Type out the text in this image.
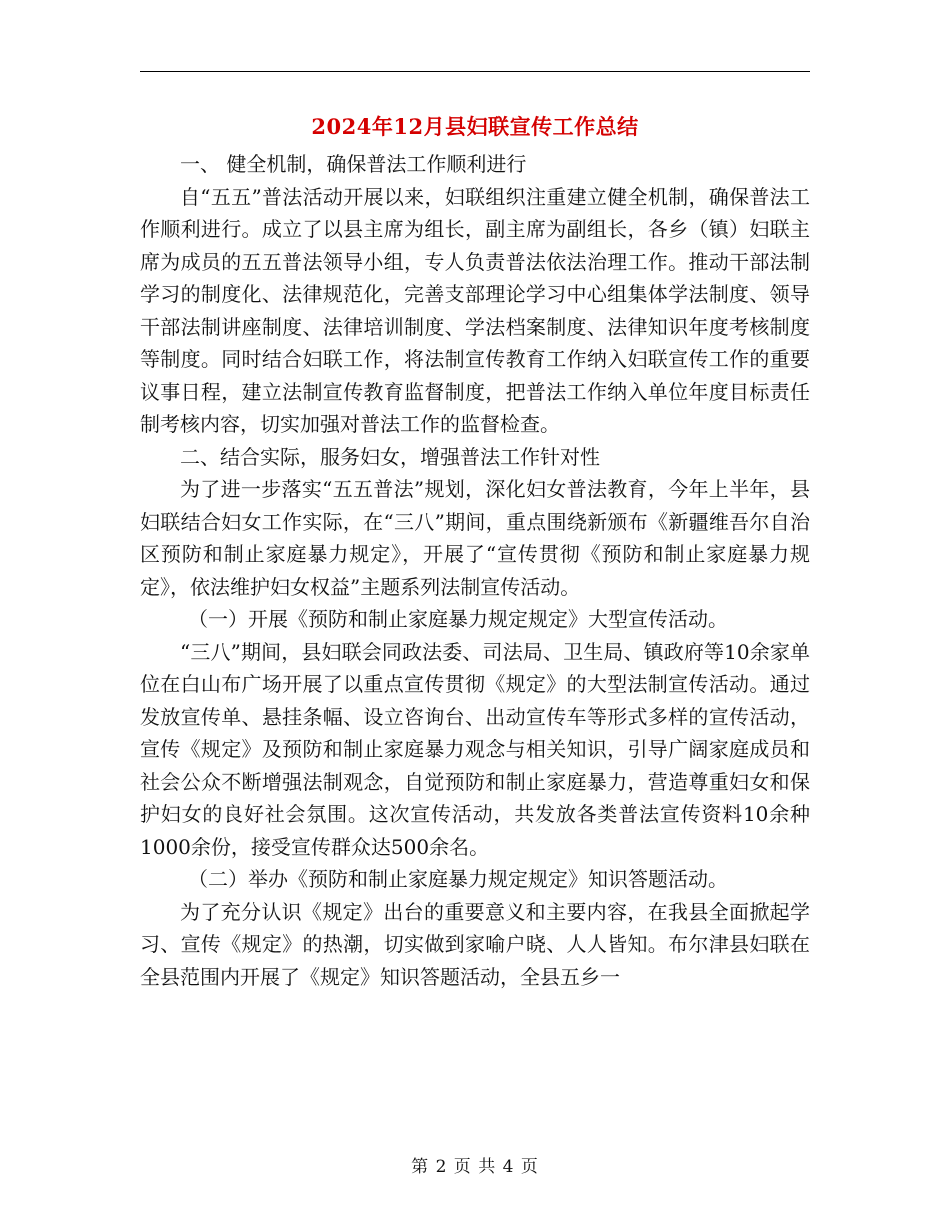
2024年12月县妇联宣传工作总结

一、 健全机制，确保普法工作顺利进行

自“五五”普法活动开展以来，妇联组织注重建立健全机制，确保普法工作顺利进行。成立了以县主席为组长，副主席为副组长，各乡（镇）妇联主席为成员的五五普法领导小组，专人负责普法依法治理工作。推动干部法制学习的制度化、法律规范化，完善支部理论学习中心组集体学法制度、领导干部法制讲座制度、法律培训制度、学法档案制度、法律知识年度考核制度等制度。同时结合妇联工作，将法制宣传教育工作纳入妇联宣传工作的重要议事日程，建立法制宣传教育监督制度，把普法工作纳入单位年度目标责任制考核内容，切实加强对普法工作的监督检查。

二、结合实际，服务妇女，增强普法工作针对性

为了进一步落实“五五普法”规划，深化妇女普法教育，今年上半年，县妇联结合妇女工作实际，在“三八”期间，重点围绕新颁布《新疆维吾尔自治区预防和制止家庭暴力规定》，开展了“宣传贯彻《预防和制止家庭暴力规定》，依法维护妇女权益”主题系列法制宣传活动。

（一）开展《预防和制止家庭暴力规定规定》大型宣传活动。

“三八”期间，县妇联会同政法委、司法局、卫生局、镇政府等10余家单位在白山布广场开展了以重点宣传贯彻《规定》的大型法制宣传活动。通过发放宣传单、悬挂条幅、设立咨询台、出动宣传车等形式多样的宣传活动，宣传《规定》及预防和制止家庭暴力观念与相关知识，引导广阔家庭成员和社会公众不断增强法制观念，自觉预防和制止家庭暴力，营造尊重妇女和保护妇女的良好社会氛围。这次宣传活动，共发放各类普法宣传资料10余种1000余份，接受宣传群众达500余名。

（二）举办《预防和制止家庭暴力规定规定》知识答题活动。

为了充分认识《规定》出台的重要意义和主要内容，在我县全面掀起学习、宣传《规定》的热潮，切实做到家喻户晓、人人皆知。布尔津县妇联在全县范围内开展了《规定》知识答题活动，全县五乡一

第 2 页 共 4 页
